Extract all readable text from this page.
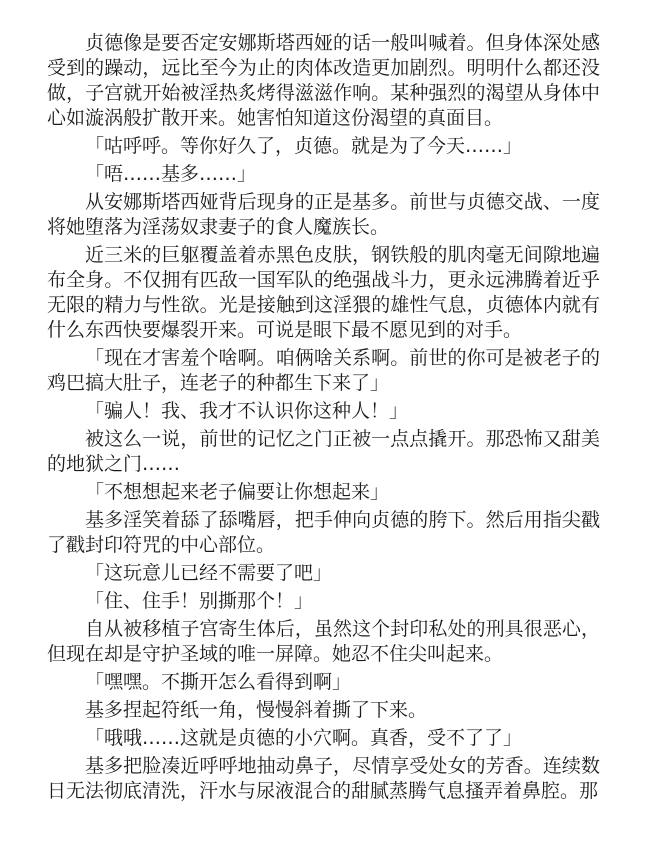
贞德像是要否定安娜斯塔西娅的话一般叫喊着。但身体深处感受到的躁动，远比至今为止的肉体改造更加剧烈。明明什么都还没做，子宫就开始被淫热炙烤得滋滋作响。某种强烈的渴望从身体中心如漩涡般扩散开来。她害怕知道这份渴望的真面目。

「咕呼呼。等你好久了，贞德。就是为了今天……」

「唔……基多……」

从安娜斯塔西娅背后现身的正是基多。前世与贞德交战、一度将她堕落为淫荡奴隶妻子的食人魔族长。

近三米的巨躯覆盖着赤黑色皮肤，钢铁般的肌肉毫无间隙地遍布全身。不仅拥有匹敌一国军队的绝强战斗力，更永远沸腾着近乎无限的精力与性欲。光是接触到这淫猥的雄性气息，贞德体内就有什么东西快要爆裂开来。可说是眼下最不愿见到的对手。

「现在才害羞个啥啊。咱俩啥关系啊。前世的你可是被老子的鸡巴搞大肚子，连老子的种都生下来了」

「骗人！我、我才不认识你这种人！」

被这么一说，前世的记忆之门正被一点点撬开。那恐怖又甜美的地狱之门……

「不想想起来老子偏要让你想起来」

基多淫笑着舔了舔嘴唇，把手伸向贞德的胯下。然后用指尖戳了戳封印符咒的中心部位。

「这玩意儿已经不需要了吧」

「住、住手！别撕那个！」

自从被移植子宫寄生体后，虽然这个封印私处的刑具很恶心，但现在却是守护圣域的唯一屏障。她忍不住尖叫起来。

「嘿嘿。不撕开怎么看得到啊」

基多捏起符纸一角，慢慢斜着撕了下来。

「哦哦……这就是贞德的小穴啊。真香，受不了了」

基多把脸凑近呼呼地抽动鼻子，尽情享受处女的芳香。连续数日无法彻底清洗，汗水与尿液混合的甜腻蒸腾气息搔弄着鼻腔。那
